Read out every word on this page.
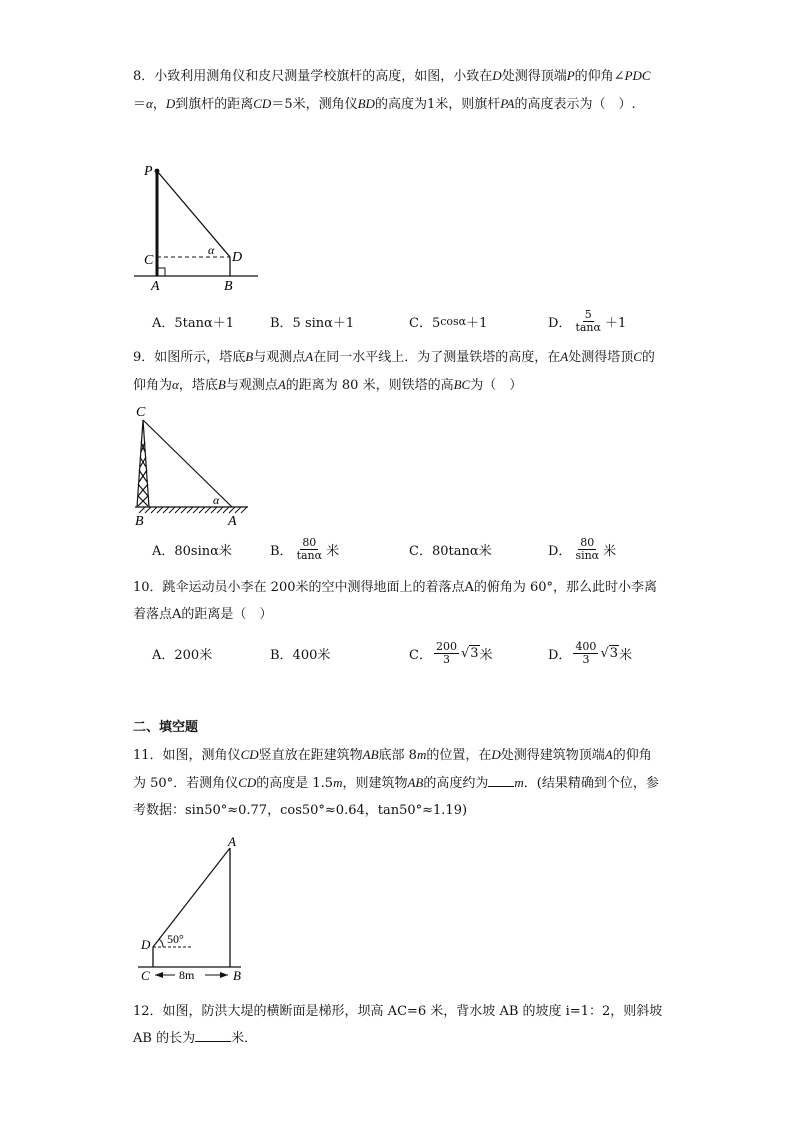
8．小致利用测角仪和皮尺测量学校旗杆的高度，如图，小致在D处测得顶端P的仰角∠PDC＝α，D到旗杆的距离CD＝5米，测角仪BD的高度为1米，则旗杆PA的高度表示为（　）.
P
C
α D
A	B
A．5tanα＋1	B．5 sinα＋1	C．5 cosα ＋1	D． $\frac{5}{\tan\alpha} +1$
9．如图所示，塔底B与观测点A在同一水平线上．为了测量铁塔的高度，在A处测得塔顶C的仰角为α，塔底B与观测点A的距离为 80 米，则铁塔的高BC为（　）
C
α
B	A
A．80sinα米	B． $\frac{80}{\tan\alpha}$ 米	C．80tanα米	D． $\frac{80}{\sin\alpha}$ 米
10．跳伞运动员小李在 200米的空中测得地面上的着落点A的俯角为 60°，那么此时小李离着落点A的距离是（　）
A．200米	B．400米	C． $\frac{200}{3} √3$ 米	D． $\frac{400}{3} √3$ 米
二、填空题
11．如图，测角仪CD竖直放在距建筑物AB底部 8m的位置，在D处测得建筑物顶端A的仰角为 50°．若测角仪CD的高度是 1.5m，则建筑物AB的高度约为 m．(结果精确到个位，参考数据：sin50°≈0.77，cos50°≈0.64，tan50°≈1.19)
A
D 50°
C 8m	B
12．如图，防洪大堤的横断面是梯形，坝高 AC=6 米，背水坡 AB 的坡度 i=1：2，则斜坡 AB 的长为	米．
